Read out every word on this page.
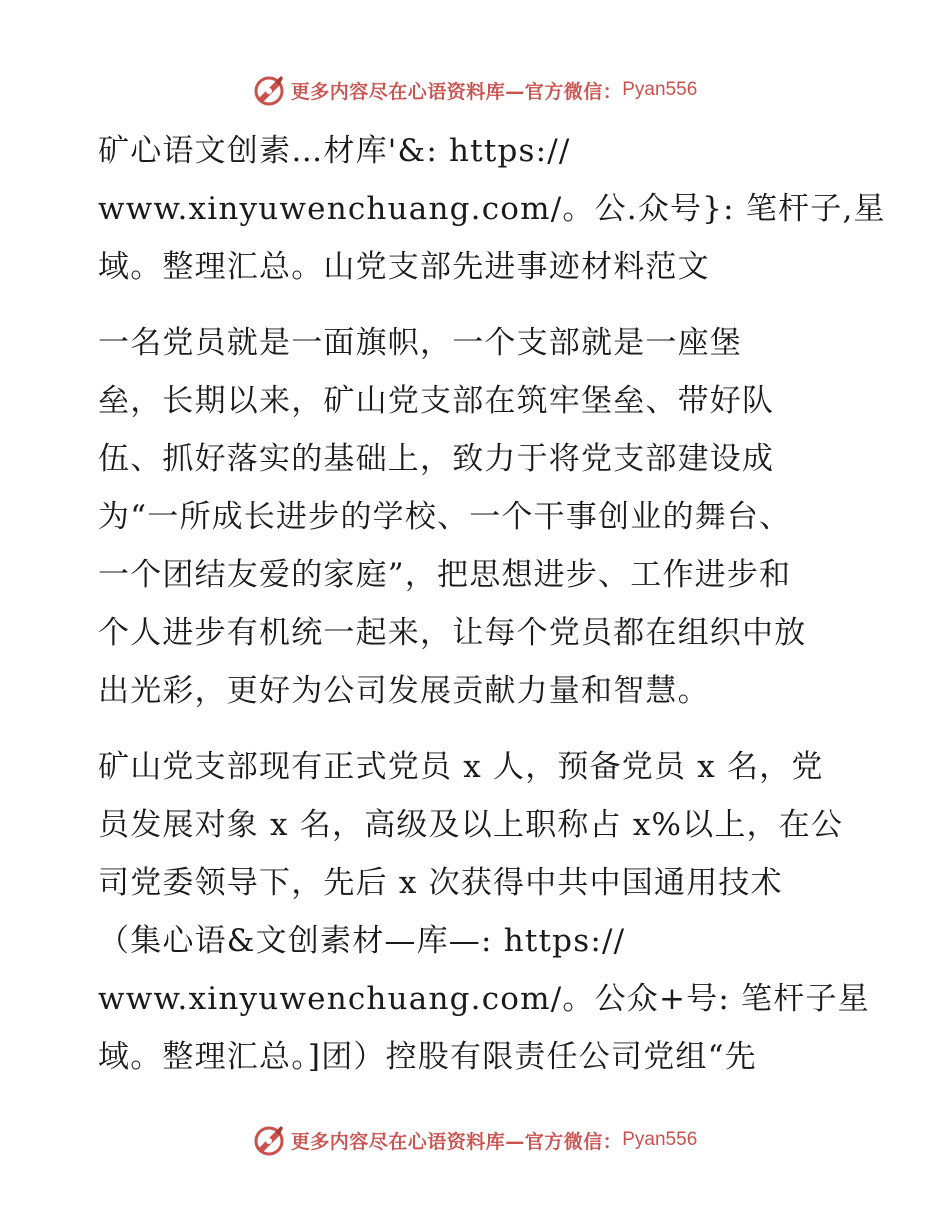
更多内容尽在心语资料库— 官方微信： Pyan556
矿心语文创素…材库'&: https://
www.xinyuwenchuang.com/。公.众号}: 笔杆子,星
域。整理汇总。山党支部先进事迹材料范文
一名党员就是一面旗帜，一个支部就是一座堡
垒，长期以来，矿山党支部在筑牢堡垒、带好队
伍、抓好落实的基础上，致力于将党支部建设成
为“一所成长进步的学校、一个干事创业的舞台、
一个团结友爱的家庭”，把思想进步、工作进步和
个人进步有机统一起来，让每个党员都在组织中放
出光彩，更好为公司发展贡献力量和智慧。
矿山党支部现有正式党员 x 人，预备党员 x 名，党
员发展对象 x 名，高级及以上职称占 x%以上，在公
司党委领导下，先后 x 次获得中共中国通用技术
（集心语&文创素材—库—: https://
www.xinyuwenchuang.com/。公众+号: 笔杆子星
域。整理汇总。]团）控股有限责任公司党组“先
更多内容尽在心语资料库— 官方微信： Pyan556
